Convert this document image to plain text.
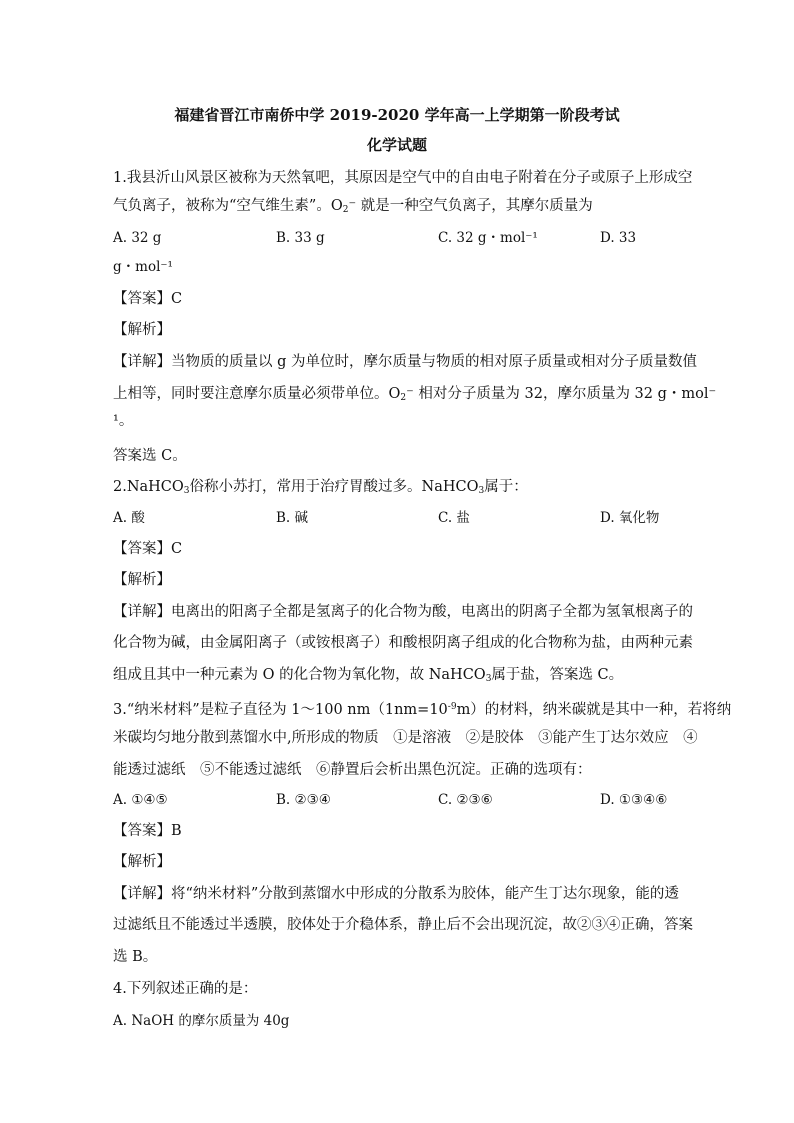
福建省晋江市南侨中学 2019-2020 学年高一上学期第一阶段考试
化学试题
1.我县沂山风景区被称为天然氧吧，其原因是空气中的自由电子附着在分子或原子上形成空
气负离子，被称为“空气维生素”。$O_2^-$ 就是一种空气负离子，其摩尔质量为
A. 32 g	B. 33 g	C. 32 g・mol⁻¹	D. 33
g・mol⁻¹
【答案】C
【解析】
【详解】当物质的质量以 g 为单位时，摩尔质量与物质的相对原子质量或相对分子质量数值
上相等，同时要注意摩尔质量必须带单位。$O_2^-$ 相对分子质量为 32，摩尔质量为 32 g・mol⁻
¹。
答案选 C。
2.NaHCO$_3$俗称小苏打，常用于治疗胃酸过多。NaHCO$_3$属于：
A. 酸	B. 碱	C. 盐	D. 氧化物
【答案】C
【解析】
【详解】电离出的阳离子全都是氢离子的化合物为酸，电离出的阴离子全都为氢氧根离子的
化合物为碱，由金属阳离子（或铵根离子）和酸根阴离子组成的化合物称为盐，由两种元素
组成且其中一种元素为 O 的化合物为氧化物，故 NaHCO$_3$属于盐，答案选 C。
3.“纳米材料”是粒子直径为 1～100 $nm(1nm=10^{-9}m)$的材料，纳米碳就是其中一种，若将纳
米碳均匀地分散到蒸馏水中,所形成的物质　①是溶液　②是胶体　③能产生丁达尔效应　④
能透过滤纸　⑤不能透过滤纸　⑥静置后会析出黑色沉淀。正确的选项有：
A. ①④⑤	B. ②③④	C. ②③⑥	D. ①③④⑥
【答案】B
【解析】
【详解】将“纳米材料”分散到蒸馏水中形成的分散系为胶体，能产生丁达尔现象，能的透
过滤纸且不能透过半透膜，胶体处于介稳体系，静止后不会出现沉淀，故②③④正确，答案
选 B。
4.下列叙述正确的是：
A. NaOH 的摩尔质量为 40g
